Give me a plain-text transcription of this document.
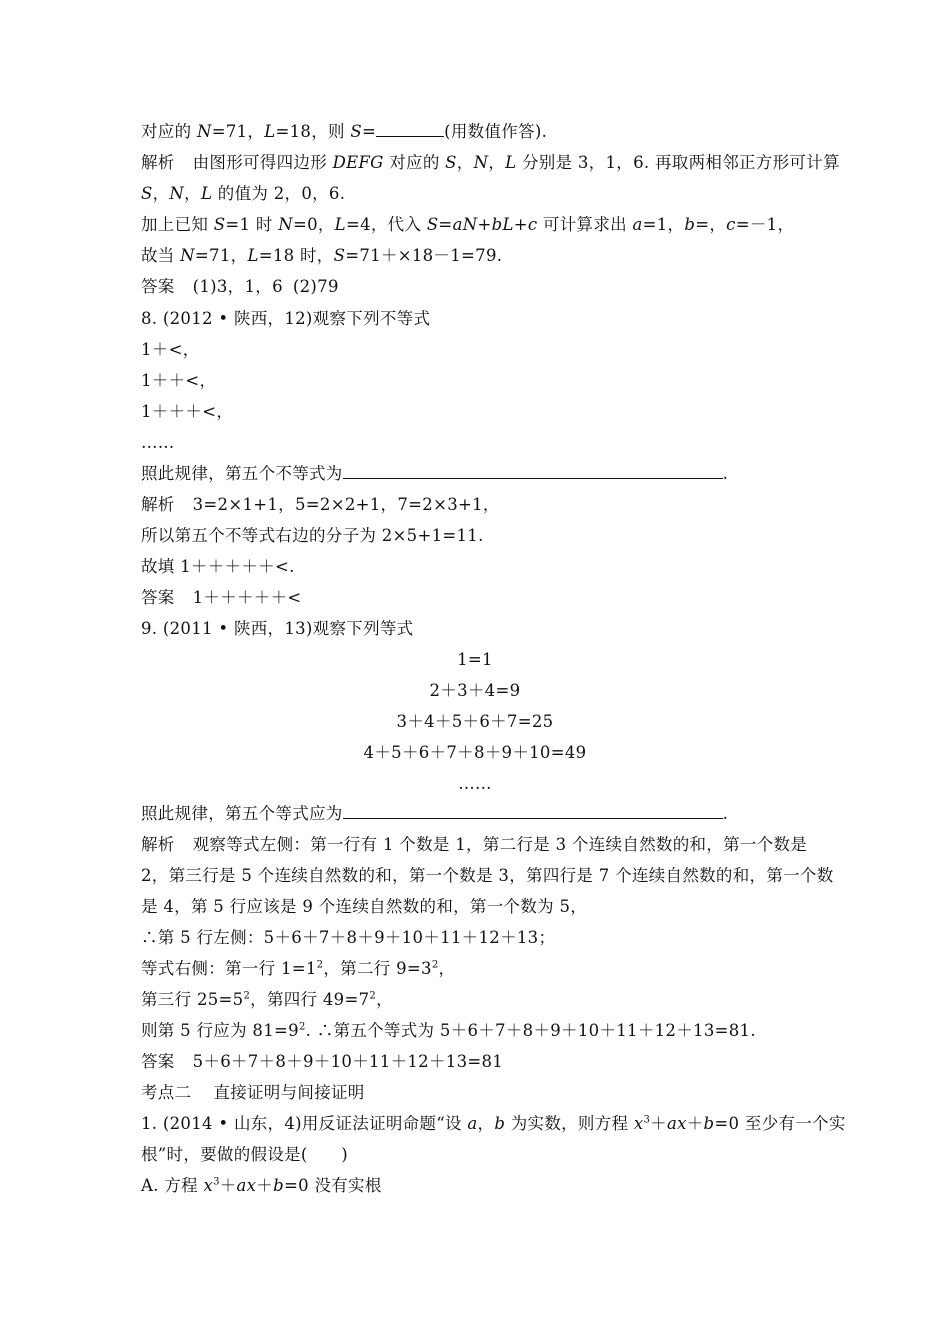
对应的 N=71，L=18，则 S=	(用数值作答).
解析 由图形可得四边形 DEFG 对应的 S，N，L 分别是 3，1，6. 再取两相邻正方形可计算
S，N，L 的值为 2，0，6.
加上已知 S=1 时 N=0，L=4，代入 S=aN+bL+c 可计算求出 a=1，b=，c=－1，
故当 N=71，L=18 时，S=71＋×18－1=79.
答案 (1)3，1，6 (2)79
8. (2012 • 陕西，12)观察下列不等式
1＋<，
1＋＋<，
1＋＋＋<，
……
照此规律，第五个不等式为	.
解析 3=2×1+1，5=2×2+1，7=2×3+1，
所以第五个不等式右边的分子为 2×5+1=11.
故填 1＋＋＋＋＋<.
答案 1＋＋＋＋＋<
9. (2011 • 陕西，13)观察下列等式
1=1
2＋3＋4=9
3＋4＋5＋6＋7=25
4＋5＋6＋7＋8＋9＋10=49
……
照此规律，第五个等式应为	.
解析 观察等式左侧：第一行有 1 个数是 1，第二行是 3 个连续自然数的和，第一个数是
2，第三行是 5 个连续自然数的和，第一个数是 3，第四行是 7 个连续自然数的和，第一个数
是 4，第 5 行应该是 9 个连续自然数的和，第一个数为 5，
∴第 5 行左侧：5＋6＋7＋8＋9＋10＋11＋12＋13；
等式右侧：第一行 $1=1^2$，第二行 $9=3^2$，
第三行 $25=5^2$，第四行 $49=7^2$，
则第 5 行应为 $81=9^2$. ∴第五个等式为 5＋6＋7＋8＋9＋10＋11＋12＋13=81.
答案 5＋6＋7＋8＋9＋10＋11＋12＋13=81
考点二 直接证明与间接证明
1. (2014 • 山东，4)用反证法证明命题“设 a，b 为实数，则方程 $x^3+ax+b=0$ 至少有一个实
根”时，要做的假设是(　　)
A. 方程 $x^3+ax+b=0$ 没有实根
